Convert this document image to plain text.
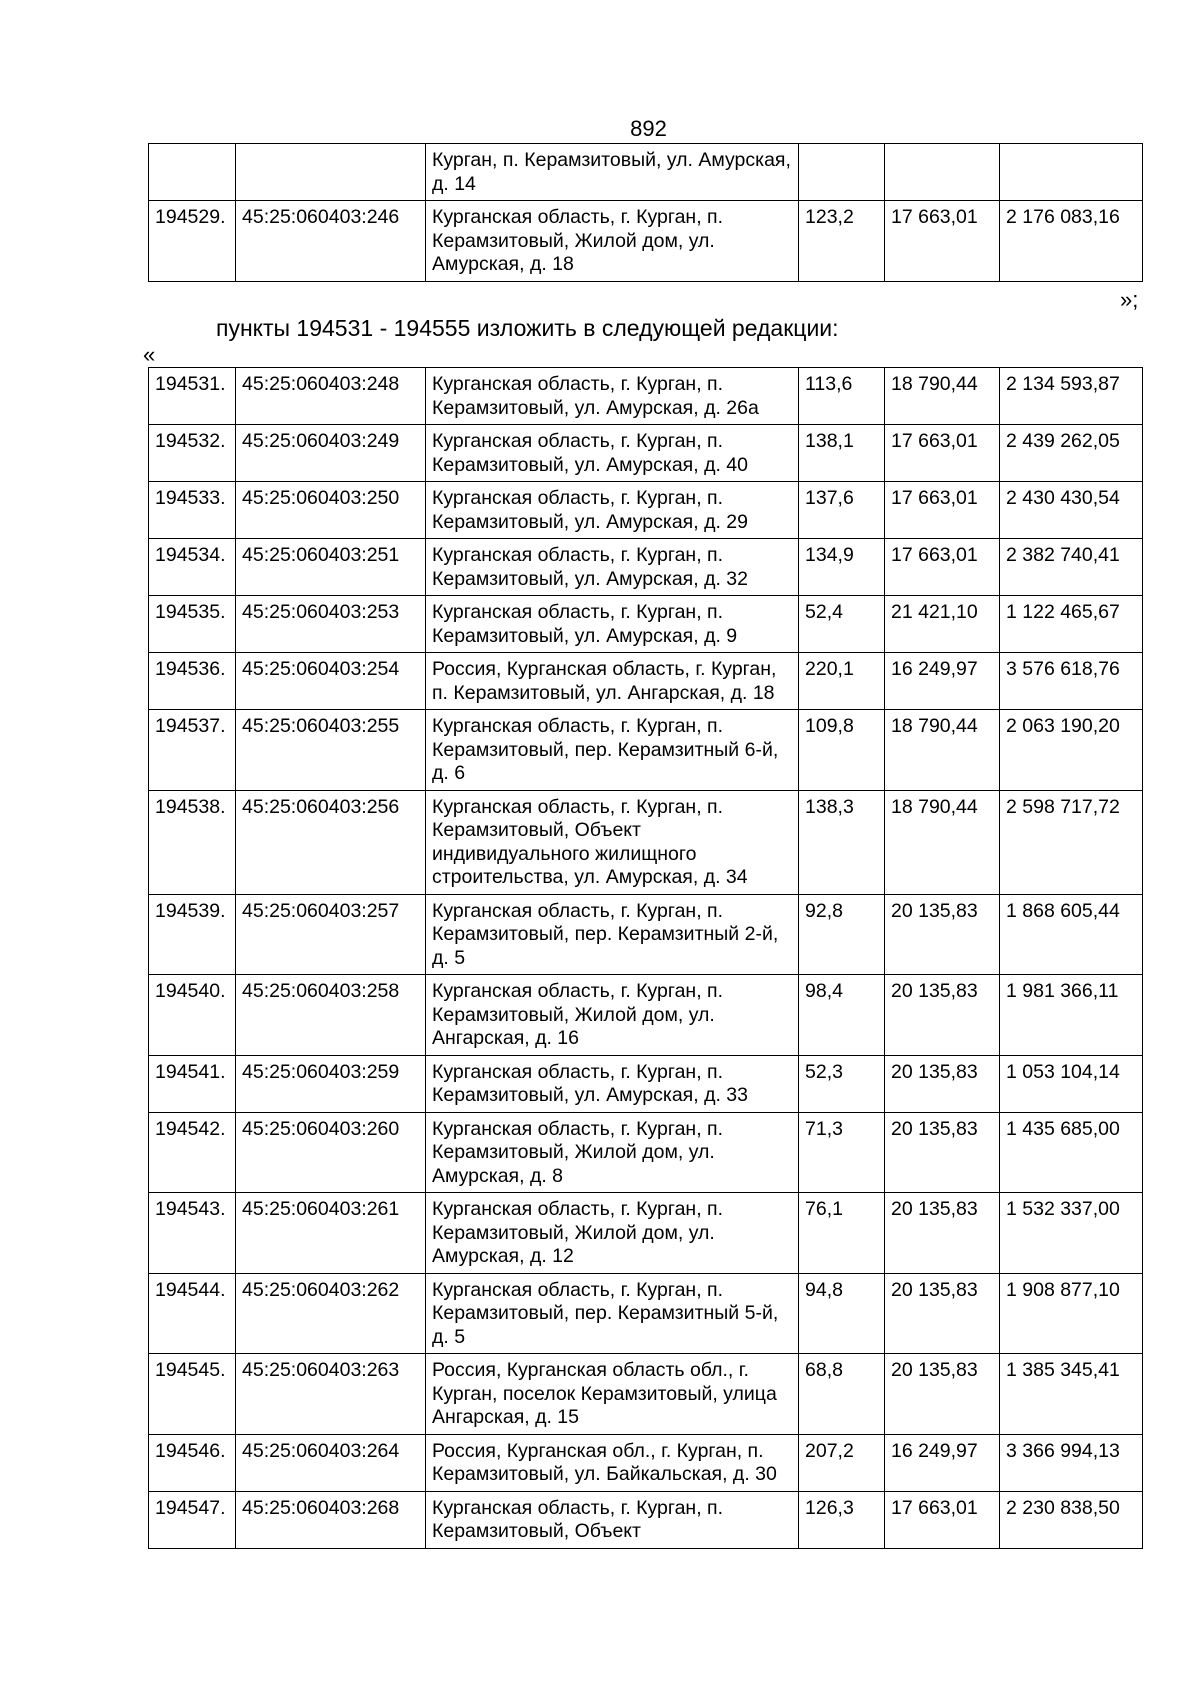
892
		Курган, п. Керамзитовый, ул. Амурская, д. 14			
194529.	45:25:060403:246	Курганская область, г. Курган, п. Керамзитовый, Жилой дом, ул. Амурская, д. 18	123,2	17 663,01	2 176 083,16
»;
пункты 194531 - 194555 изложить в следующей редакции:
«
194531.	45:25:060403:248	Курганская область, г. Курган, п. Керамзитовый, ул. Амурская, д. 26а	113,6	18 790,44	2 134 593,87
194532.	45:25:060403:249	Курганская область, г. Курган, п. Керамзитовый, ул. Амурская, д. 40	138,1	17 663,01	2 439 262,05
194533.	45:25:060403:250	Курганская область, г. Курган, п. Керамзитовый, ул. Амурская, д. 29	137,6	17 663,01	2 430 430,54
194534.	45:25:060403:251	Курганская область, г. Курган, п. Керамзитовый, ул. Амурская, д. 32	134,9	17 663,01	2 382 740,41
194535.	45:25:060403:253	Курганская область, г. Курган, п. Керамзитовый, ул. Амурская, д. 9	52,4	21 421,10	1 122 465,67
194536.	45:25:060403:254	Россия, Курганская область, г. Курган, п. Керамзитовый, ул. Ангарская, д. 18	220,1	16 249,97	3 576 618,76
194537.	45:25:060403:255	Курганская область, г. Курган, п. Керамзитовый, пер. Керамзитный 6-й, д. 6	109,8	18 790,44	2 063 190,20
194538.	45:25:060403:256	Курганская область, г. Курган, п. Керамзитовый, Объект индивидуального жилищного строительства, ул. Амурская, д. 34	138,3	18 790,44	2 598 717,72
194539.	45:25:060403:257	Курганская область, г. Курган, п. Керамзитовый, пер. Керамзитный 2-й, д. 5	92,8	20 135,83	1 868 605,44
194540.	45:25:060403:258	Курганская область, г. Курган, п. Керамзитовый, Жилой дом, ул. Ангарская, д. 16	98,4	20 135,83	1 981 366,11
194541.	45:25:060403:259	Курганская область, г. Курган, п. Керамзитовый, ул. Амурская, д. 33	52,3	20 135,83	1 053 104,14
194542.	45:25:060403:260	Курганская область, г. Курган, п. Керамзитовый, Жилой дом, ул. Амурская, д. 8	71,3	20 135,83	1 435 685,00
194543.	45:25:060403:261	Курганская область, г. Курган, п. Керамзитовый, Жилой дом, ул. Амурская, д. 12	76,1	20 135,83	1 532 337,00
194544.	45:25:060403:262	Курганская область, г. Курган, п. Керамзитовый, пер. Керамзитный 5-й, д. 5	94,8	20 135,83	1 908 877,10
194545.	45:25:060403:263	Россия, Курганская область обл., г. Курган, поселок Керамзитовый, улица Ангарская, д. 15	68,8	20 135,83	1 385 345,41
194546.	45:25:060403:264	Россия, Курганская обл., г. Курган, п. Керамзитовый, ул. Байкальская, д. 30	207,2	16 249,97	3 366 994,13
194547.	45:25:060403:268	Курганская область, г. Курган, п. Керамзитовый, Объект	126,3	17 663,01	2 230 838,50
